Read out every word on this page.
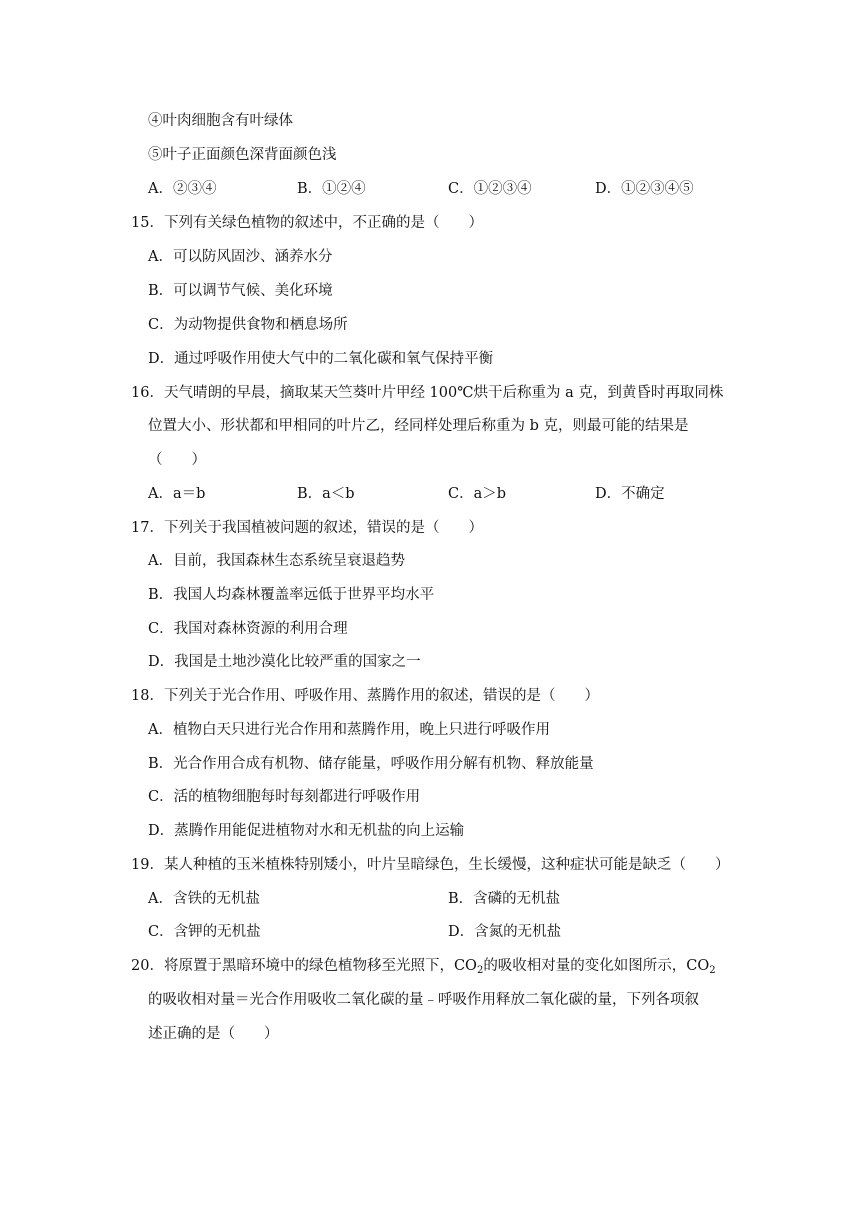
④叶肉细胞含有叶绿体
⑤叶子正面颜色深背面颜色浅
A．②③④	B．①②④	C．①②③④	D．①②③④⑤
15．下列有关绿色植物的叙述中，不正确的是（　　）
A．可以防风固沙、涵养水分
B．可以调节气候、美化环境
C．为动物提供食物和栖息场所
D．通过呼吸作用使大气中的二氧化碳和氧气保持平衡
16．天气晴朗的早晨，摘取某天竺葵叶片甲经 100℃烘干后称重为 a 克，到黄昏时再取同株
位置大小、形状都和甲相同的叶片乙，经同样处理后称重为 b 克，则最可能的结果是
（　　）
A．a＝b	B．a＜b	C．a＞b	D．不确定
17．下列关于我国植被问题的叙述，错误的是（　　）
A．目前，我国森林生态系统呈衰退趋势
B．我国人均森林覆盖率远低于世界平均水平
C．我国对森林资源的利用合理
D．我国是土地沙漠化比较严重的国家之一
18．下列关于光合作用、呼吸作用、蒸腾作用的叙述，错误的是（　　）
A．植物白天只进行光合作用和蒸腾作用，晚上只进行呼吸作用
B．光合作用合成有机物、储存能量，呼吸作用分解有机物、释放能量
C．活的植物细胞每时每刻都进行呼吸作用
D．蒸腾作用能促进植物对水和无机盐的向上运输
19．某人种植的玉米植株特别矮小，叶片呈暗绿色，生长缓慢，这种症状可能是缺乏（　　）
A．含铁的无机盐	B．含磷的无机盐
C．含钾的无机盐	D．含氮的无机盐
20．将原置于黑暗环境中的绿色植物移至光照下，$CO_2$的吸收相对量的变化如图所示，$CO_2$
的吸收相对量＝光合作用吸收二氧化碳的量﹣呼吸作用释放二氧化碳的量，下列各项叙
述正确的是（　　）
